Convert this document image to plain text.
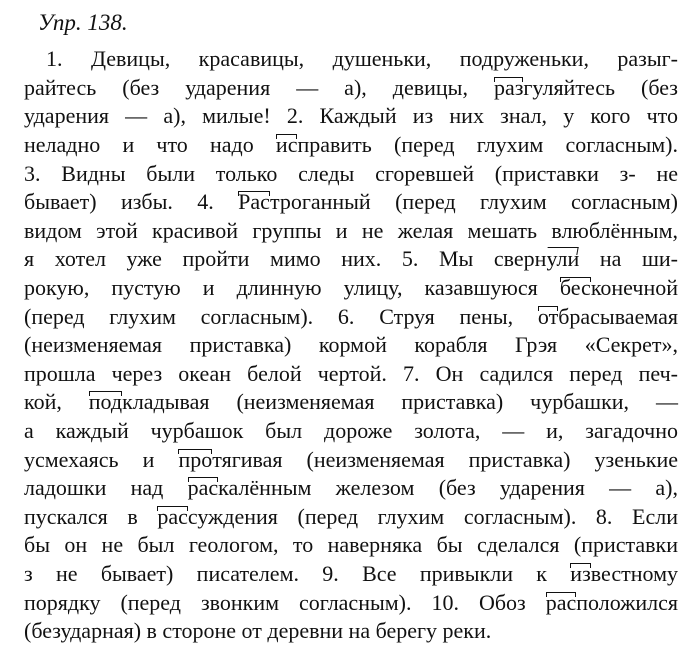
Упр. 138.
1. Девицы, красавицы, душеньки, подруженьки, разыг-
райтесь (без ударения — а), девицы, разгуляйтесь (без
ударения — а), милые! 2. Каждый из них знал, у кого что
неладно и что надо исправить (перед глухим согласным).
3. Видны были только следы сгоревшей (приставки з- не
бывает) избы. 4. Растроганный (перед глухим согласным)
видом этой красивой группы и не желая мешать влюблённым,
я хотел уже пройти мимо них. 5. Мы свернули на ши-
рокую, пустую и длинную улицу, казавшуюся бесконечной
(перед глухим согласным). 6. Струя пены, отбрасываемая
(неизменяемая приставка) кормой корабля Грэя «Секрет»,
прошла через океан белой чертой. 7. Он садился перед печ-
кой, подкладывая (неизменяемая приставка) чурбашки, —
а каждый чурбашок был дороже золота, — и, загадочно
усмехаясь и протягивая (неизменяемая приставка) узенькие
ладошки над раскалённым железом (без ударения — а),
пускался в рассуждения (перед глухим согласным). 8. Если
бы он не был геологом, то наверняка бы сделался (приставки
з не бывает) писателем. 9. Все привыкли к известному
порядку (перед звонким согласным). 10. Обоз расположился
(безударная) в стороне от деревни на берегу реки.
